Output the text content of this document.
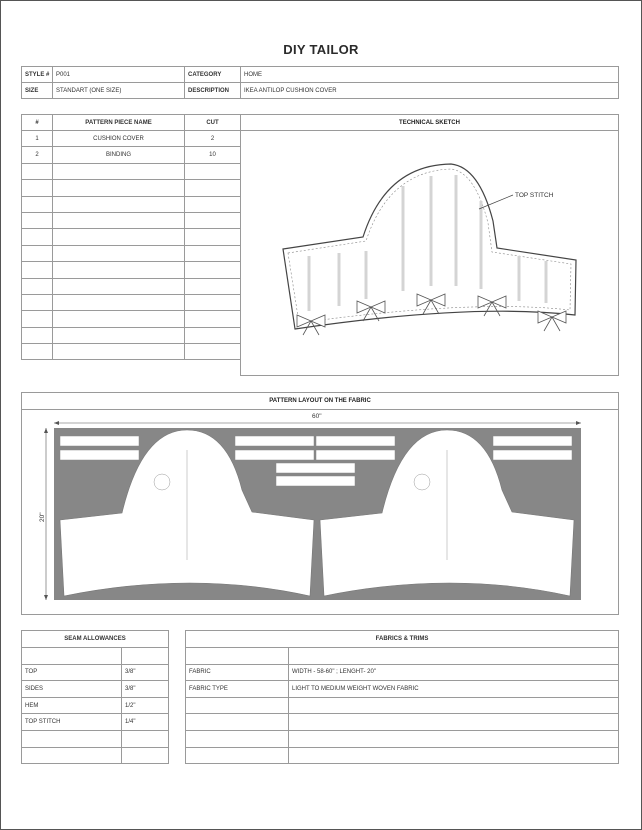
DIY TAILOR
STYLE #	P001	CATEGORY	HOME
SIZE	STANDART (ONE SIZE)	DESCRIPTION	IKEA ANTILOP CUSHION COVER
#	PATTERN PIECE NAME	CUT
1	CUSHION COVER	2
2	BINDING	10

TECHNICAL SKETCH
TOP STITCH
PATTERN LAYOUT ON THE FABRIC
60"
20"
SEAM ALLOWANCES	

TOP	3/8"
SIDES	3/8"
HEM	1/2"
TOP STITCH	1/4"

FABRICS & TRIMS	

FABRIC	WIDTH - 58-60" ; LENGHT- 20"
FABRIC TYPE	LIGHT TO MEDIUM WEIGHT WOVEN FABRIC
